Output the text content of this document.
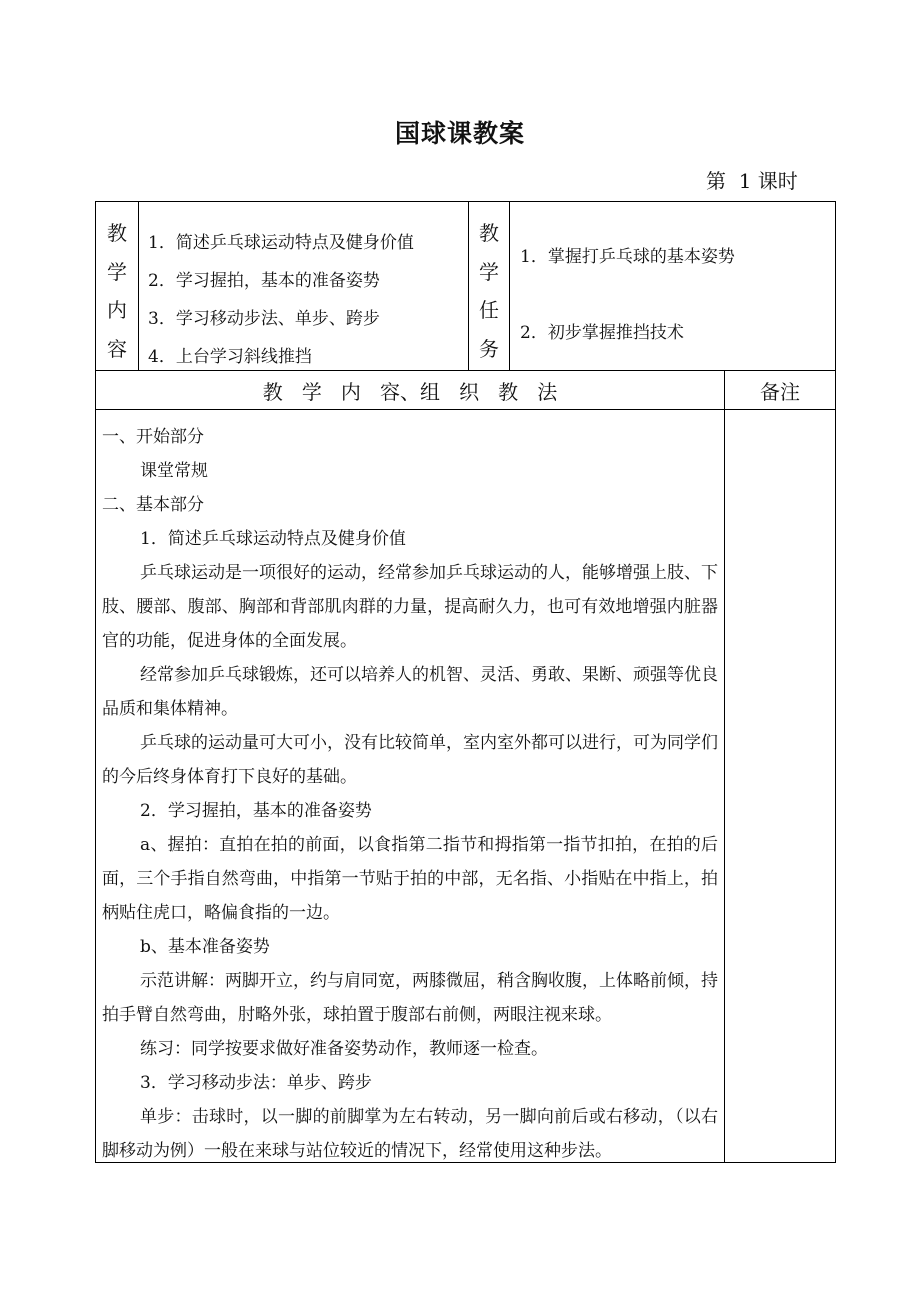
国球课教案
第  1 课时
教
学
内
容
1．简述乒乓球运动特点及健身价值
2．学习握拍，基本的准备姿势
3．学习移动步法、单步、跨步
4．上台学习斜线推挡
教
学
任
务
1．掌握打乒乓球的基本姿势
2．初步掌握推挡技术
教   学   内   容、组   织   教   法	备注

一、开始部分

课堂常规

二、基本部分

1．简述乒乓球运动特点及健身价值

乒乓球运动是一项很好的运动，经常参加乒乓球运动的人，能够增强上肢、下肢、腰部、腹部、胸部和背部肌肉群的力量，提高耐久力，也可有效地增强内脏器官的功能，促进身体的全面发展。

经常参加乒乓球锻炼，还可以培养人的机智、灵活、勇敢、果断、顽强等优良品质和集体精神。

乒乓球的运动量可大可小，没有比较简单，室内室外都可以进行，可为同学们的今后终身体育打下良好的基础。

2．学习握拍，基本的准备姿势

a、握拍：直拍在拍的前面，以食指第二指节和拇指第一指节扣拍，在拍的后面，三个手指自然弯曲，中指第一节贴于拍的中部，无名指、小指贴在中指上，拍柄贴住虎口，略偏食指的一边。

b、基本准备姿势

示范讲解：两脚开立，约与肩同宽，两膝微屈，稍含胸收腹，上体略前倾，持拍手臂自然弯曲，肘略外张，球拍置于腹部右前侧，两眼注视来球。

练习：同学按要求做好准备姿势动作，教师逐一检查。

3．学习移动步法：单步、跨步

单步：击球时，以一脚的前脚掌为左右转动，另一脚向前后或右移动，（以右脚移动为例）一般在来球与站位较近的情况下，经常使用这种步法。
